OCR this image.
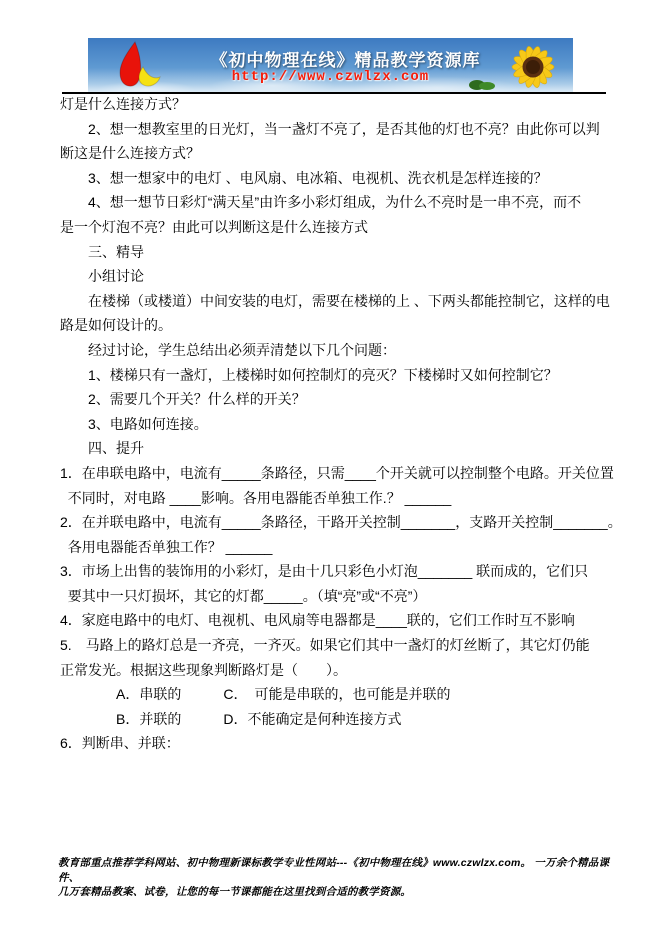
《初中物理在线》精品教学资源库
http://www.czwlzx.com
灯是什么连接方式？
　　2、想一想教室里的日光灯，当一盏灯不亮了，是否其他的灯也不亮？由此你可以判
断这是什么连接方式？
　　3、想一想家中的电灯 、电风扇、电冰箱、电视机、洗衣机是怎样连接的？
　　4、想一想节日彩灯“满天星”由许多小彩灯组成，为什么不亮时是一串不亮，而不
是一个灯泡不亮？由此可以判断这是什么连接方式
　　三、精导
　　小组讨论
　　在楼梯（或楼道）中间安装的电灯，需要在楼梯的上 、下两头都能控制它，这样的电
路是如何设计的。
　　经过讨论，学生总结出必须弄清楚以下几个问题：
　　1、楼梯只有一盏灯，上楼梯时如何控制灯的亮灭？下楼梯时又如何控制它？
　　2、需要几个开关？什么样的开关？
　　3、电路如何连接。
　　四、提升
1．在串联电路中，电流有_____条路径，只需____个开关就可以控制整个电路。开关位置
不同时，对电路 ____影响。各用电器能否单独工作.？ ______
2．在并联电路中，电流有_____条路径，干路开关控制_______，支路开关控制_______。
各用电器能否单独工作？ ______
3．市场上出售的装饰用的小彩灯，是由十几只彩色小灯泡_______ 联而成的，它们只
要其中一只灯损坏，其它的灯都_____。（填“亮”或“不亮”）
4．家庭电路中的电灯、电视机、电风扇等电器都是____联的，它们工作时互不影响
5.　马路上的路灯总是一齐亮，一齐灭。如果它们其中一盏灯的灯丝断了，其它灯仍能
正常发光。根据这些现象判断路灯是（　　）。
　　　　A．串联的　　　C．　可能是串联的，也可能是并联的
　　　　B．并联的　　　D．不能确定是何种连接方式
6．判断串、并联：
教育部重点推荐学科网站、初中物理新课标教学专业性网站---《初中物理在线》www.czwlzx.com。 一万余个精品课件、
几万套精品教案、试卷，让您的每一节课都能在这里找到合适的教学资源。
